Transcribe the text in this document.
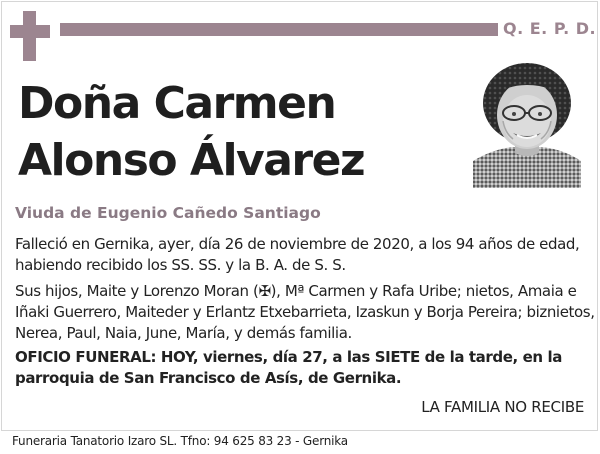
Q. E. P. D.
Doña Carmen
Alonso Álvarez
Viuda de Eugenio Cañedo Santiago
Falleció en Gernika, ayer, día 26 de noviembre de 2020, a los 94 años de edad,
habiendo recibido los SS. SS. y la B. A. de S. S.
Sus hijos, Maite y Lorenzo Moran (✠), Mª Carmen y Rafa Uribe; nietos, Amaia e
Iñaki Guerrero, Maiteder y Erlantz Etxebarrieta, Izaskun y Borja Pereira; biznietos,
Nerea, Paul, Naia, June, María, y demás familia.
OFICIO FUNERAL: HOY, viernes, día 27, a las SIETE de la tarde, en la
parroquia de San Francisco de Asís, de Gernika.
LA FAMILIA NO RECIBE
Funeraria Tanatorio Izaro SL. Tfno: 94 625 83 23 - Gernika
